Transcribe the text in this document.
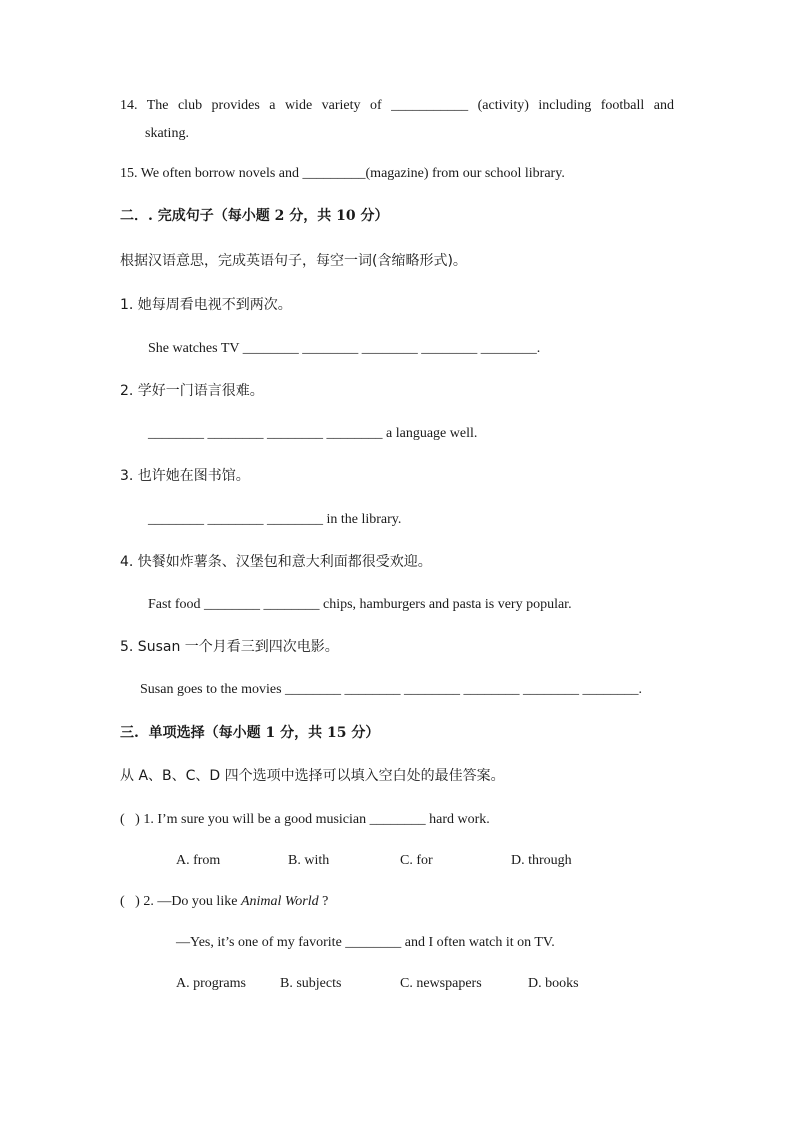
14. The club provides a wide variety of ___________ (activity) including football and
skating.
15. We often borrow novels and _________(magazine) from our school library.
二．. 完成句子（每小题 2 分，共 10 分）
根据汉语意思，完成英语句子，每空一词(含缩略形式)。
1. 她每周看电视不到两次。
She watches TV ________ ________ ________ ________ ________.
2. 学好一门语言很难。
________ ________ ________ ________ a language well.
3. 也许她在图书馆。
________ ________ ________ in the library.
4. 快餐如炸薯条、汉堡包和意大利面都很受欢迎。
Fast food ________ ________ chips, hamburgers and pasta is very popular.
5. Susan 一个月看三到四次电影。
Susan goes to the movies ________ ________ ________ ________ ________ ________.
三.  单项选择（每小题 1 分，共 15 分）
从 A、B、C、D 四个选项中选择可以填入空白处的最佳答案。
(   ) 1. I’m sure you will be a good musician ________ hard work.
A. from	B. with	C. for	D. through
(   ) 2. —Do you like Animal World ?
—Yes, it’s one of my favorite ________ and I often watch it on TV.
A. programs B. subjects	C. newspapers	D. books
